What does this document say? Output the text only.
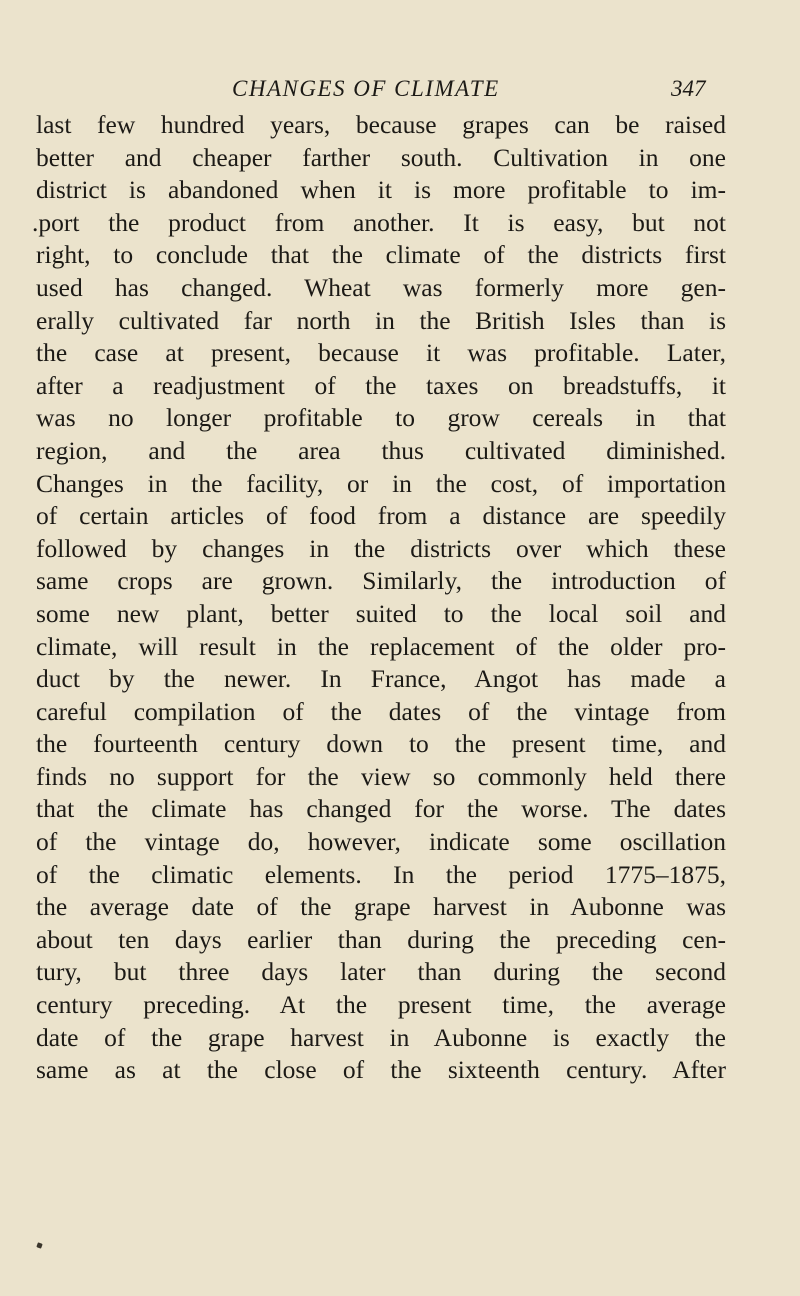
CHANGES OF CLIMATE	347
last few hundred years, because grapes can be raised
better and cheaper farther south. Cultivation in one
district is abandoned when it is more profitable to im-
.port the product from another. It is easy, but not
right, to conclude that the climate of the districts first
used has changed. Wheat was formerly more gen-
erally cultivated far north in the British Isles than is
the case at present, because it was profitable. Later,
after a readjustment of the taxes on breadstuffs, it
was no longer profitable to grow cereals in that
region, and the area thus cultivated diminished.
Changes in the facility, or in the cost, of importation
of certain articles of food from a distance are speedily
followed by changes in the districts over which these
same crops are grown. Similarly, the introduction of
some new plant, better suited to the local soil and
climate, will result in the replacement of the older pro-
duct by the newer. In France, Angot has made a
careful compilation of the dates of the vintage from
the fourteenth century down to the present time, and
finds no support for the view so commonly held there
that the climate has changed for the worse. The dates
of the vintage do, however, indicate some oscillation
of the climatic elements. In the period 1775–1875,
the average date of the grape harvest in Aubonne was
about ten days earlier than during the preceding cen-
tury, but three days later than during the second
century preceding. At the present time, the average
date of the grape harvest in Aubonne is exactly the
same as at the close of the sixteenth century. After
